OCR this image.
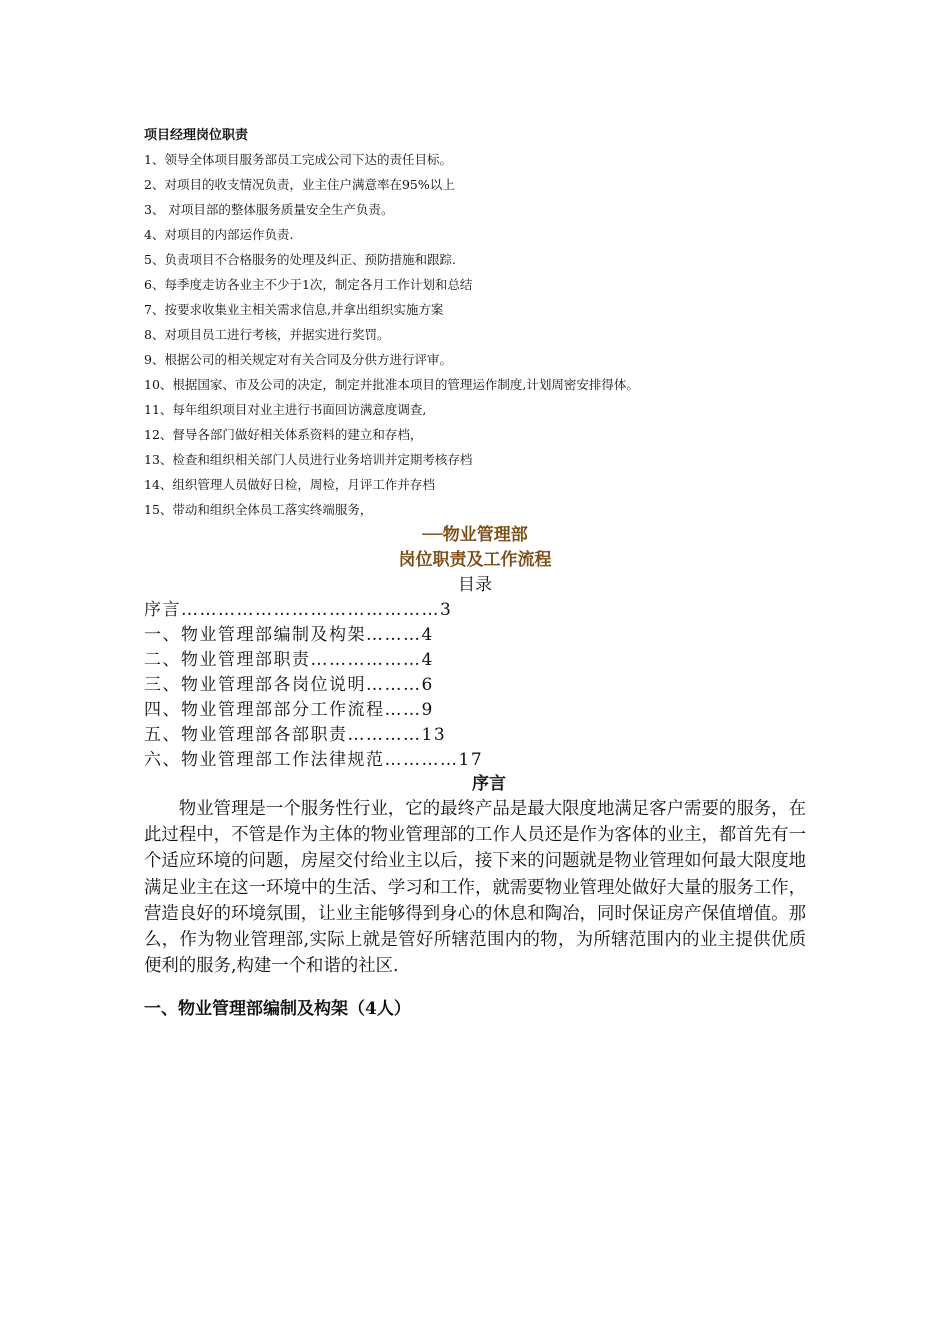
项目经理岗位职责
1、领导全体项目服务部员工完成公司下达的责任目标。
2、对项目的收支情况负责，业主住户满意率在95%以上
3、 对项目部的整体服务质量安全生产负责。
4、对项目的内部运作负责.
5、负责项目不合格服务的处理及纠正、预防措施和跟踪.
6、每季度走访各业主不少于1次，制定各月工作计划和总结
7、按要求收集业主相关需求信息,并拿出组织实施方案
8、对项目员工进行考核，并据实进行奖罚。
9、根据公司的相关规定对有关合同及分供方进行评审。
10、根据国家、市及公司的决定，制定并批准本项目的管理运作制度,计划周密安排得体。
11、每年组织项目对业主进行书面回访满意度调查,
12、督导各部门做好相关体系资料的建立和存档，
13、检查和组织相关部门人员进行业务培训并定期考核存档
14、组织管理人员做好日检，周检，月评工作并存档
15、带动和组织全体员工落实终端服务，
──物业管理部
岗位职责及工作流程
目录
序言……………………………………3
一、物业管理部编制及构架………4
二、物业管理部职责………………4
三、物业管理部各岗位说明………6
四、物业管理部部分工作流程……9
五、物业管理部各部职责…………13
六、物业管理部工作法律规范…………17
序言

物业管理是一个服务性行业，它的最终产品是最大限度地满足客户需要的服务，在此过程中，不管是作为主体的物业管理部的工作人员还是作为客体的业主，都首先有一个适应环境的问题，房屋交付给业主以后，接下来的问题就是物业管理如何最大限度地满足业主在这一环境中的生活、学习和工作，就需要物业管理处做好大量的服务工作，营造良好的环境氛围，让业主能够得到身心的休息和陶冶，同时保证房产保值增值。那么，作为物业管理部,实际上就是管好所辖范围内的物，为所辖范围内的业主提供优质便利的服务,构建一个和谐的社区.

一、物业管理部编制及构架（4人）
